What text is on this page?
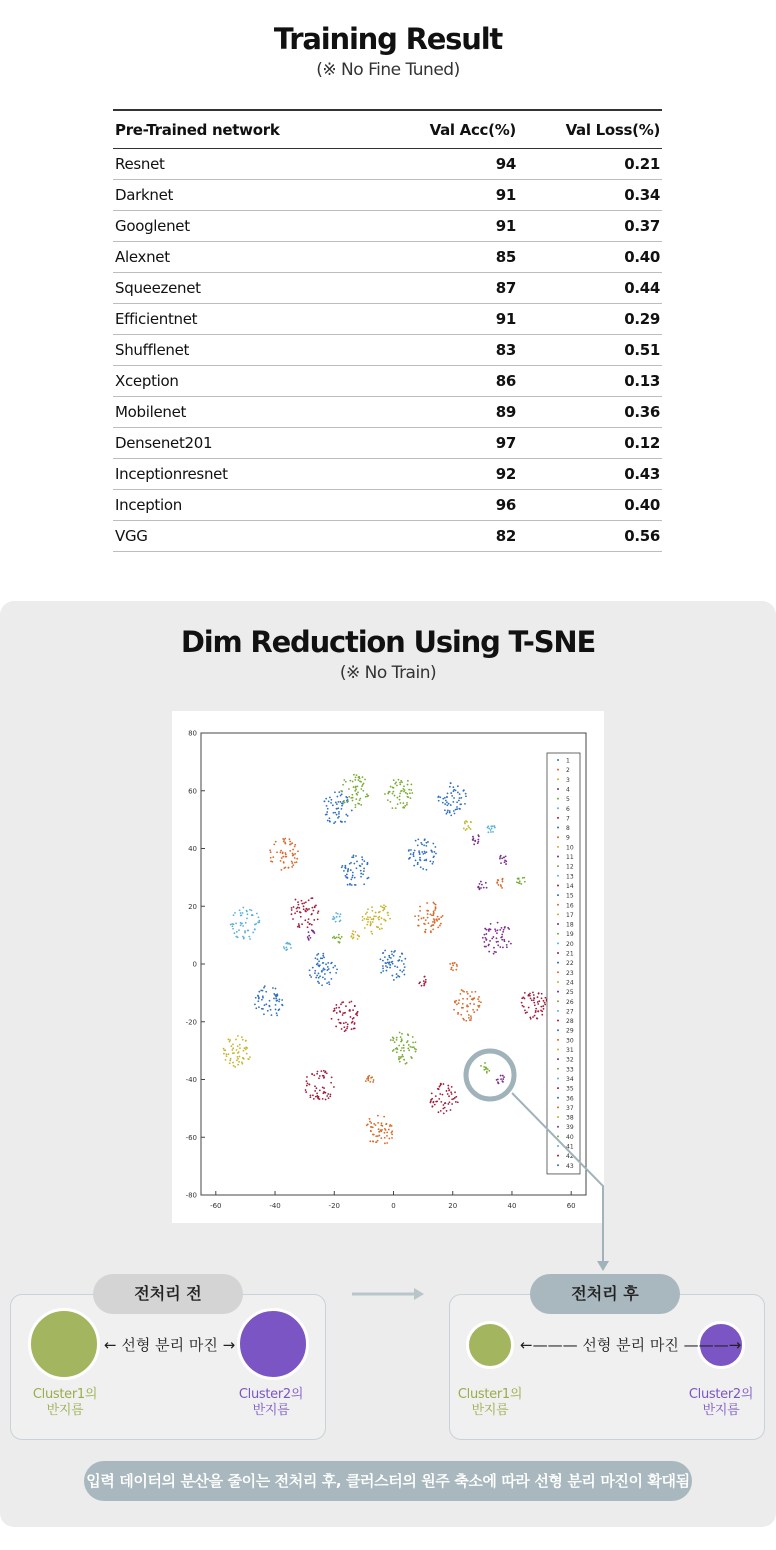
Training Result
(※ No Fine Tuned)
Pre-Trained network	Val Acc(%)	Val Loss(%)
Resnet	94	0.21
Darknet	91	0.34
Googlenet	91	0.37
Alexnet	85	0.40
Squeezenet	87	0.44
Efficientnet	91	0.29
Shufflenet	83	0.51
Xception	86	0.13
Mobilenet	89	0.36
Densenet201	97	0.12
Inceptionresnet	92	0.43
Inception	96	0.40
VGG	82	0.56
Dim Reduction Using T-SNE
(※ No Train)
-60	-40	-20	0	20	40	60
80
60
40
20
0
-20
-40
-60
-80
1
2
3
4
5
6
7
8
9
10
11
12
13
14
15
16
17
18
19
20
21
22
23
24
25
26
27
28
29
30
31
32
33
34
35
36
37
38
39
40
41
42
43
전처리 전
← 선형 분리 마진 →
Cluster1의
반지름
Cluster2의
반지름
전처리 후
←——— 선형 분리 마진 ———→
Cluster1의
반지름
Cluster2의
반지름
입력 데이터의 분산을 줄이는 전처리 후, 클러스터의 원주 축소에 따라 선형 분리 마진이 확대됨
